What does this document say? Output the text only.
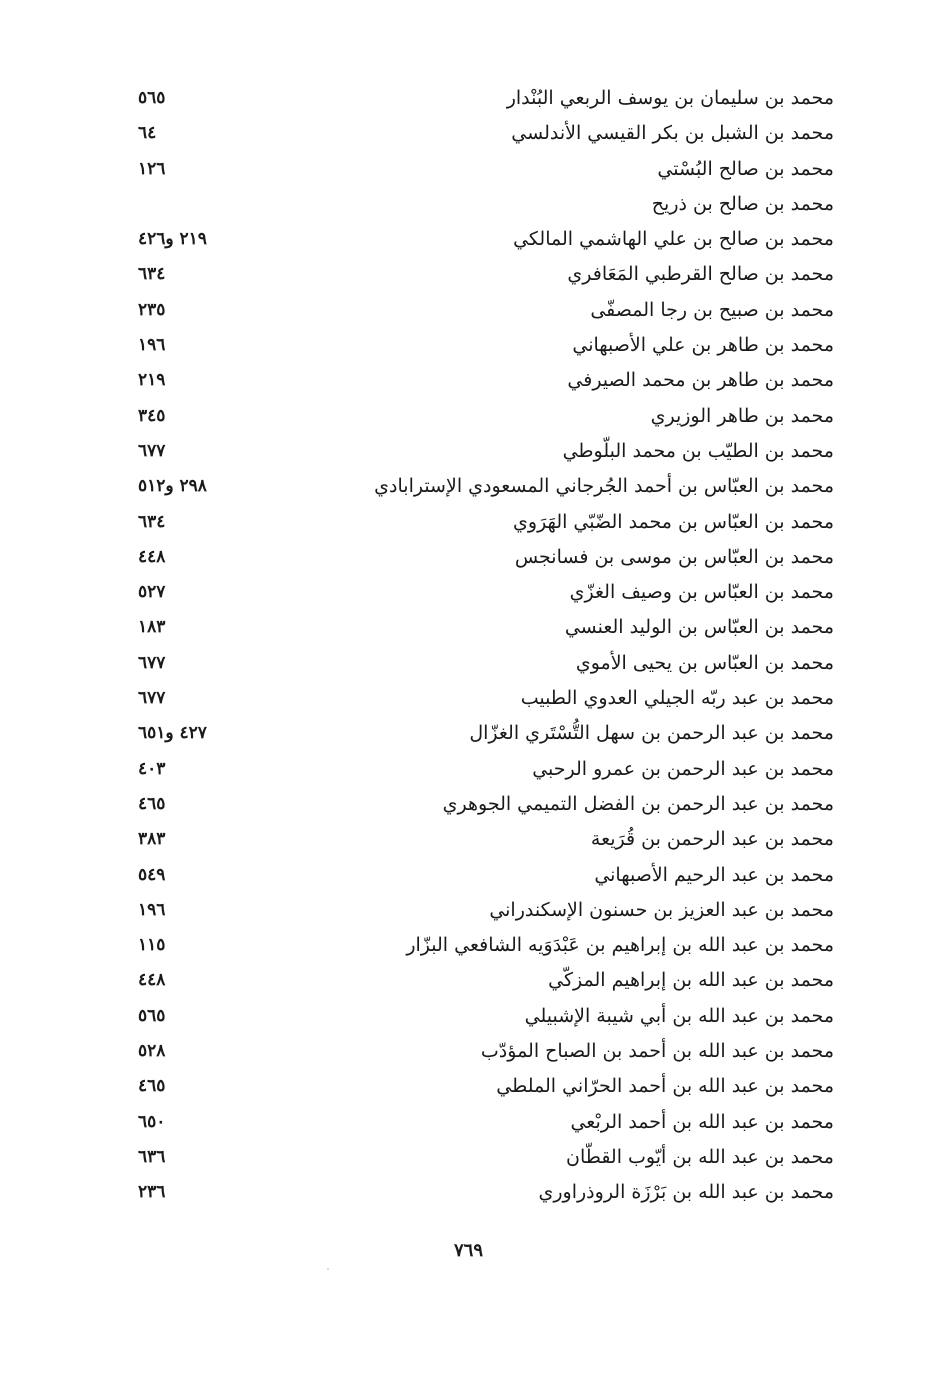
محمد بن سليمان بن يوسف الربعي البُنْدار
٥٦٥
محمد بن الشبل بن بكر القيسي الأندلسي
٦٤
محمد بن صالح البُسْتي
١٢٦
محمد بن صالح بن ذريح
محمد بن صالح بن علي الهاشمي المالكي
٢١٩ و٤٢٦
محمد بن صالح القرطبي المَعَافري
٦٣٤
محمد بن صبيح بن رجا المصفّى
٢٣٥
محمد بن طاهر بن علي الأصبهاني
١٩٦
محمد بن طاهر بن محمد الصيرفي
٢١٩
محمد بن طاهر الوزيري
٣٤٥
محمد بن الطيّب بن محمد البلّوطي
٦٧٧
محمد بن العبّاس بن أحمد الجُرجاني المسعودي الإسترابادي
٢٩٨ و٥١٢
محمد بن العبّاس بن محمد الضّبّي الهَرَوي
٦٣٤
محمد بن العبّاس بن موسى بن فسانجس
٤٤٨
محمد بن العبّاس بن وصيف الغزّي
٥٢٧
محمد بن العبّاس بن الوليد العنسي
١٨٣
محمد بن العبّاس بن يحيى الأموي
٦٧٧
محمد بن عبد ربّه الجيلي العدوي الطبيب
٦٧٧
محمد بن عبد الرحمن بن سهل التُّسْتَري الغزّال
٤٢٧ و٦٥١
محمد بن عبد الرحمن بن عمرو الرحبي
٤٠٣
محمد بن عبد الرحمن بن الفضل التميمي الجوهري
٤٦٥
محمد بن عبد الرحمن بن قُرَيعة
٣٨٣
محمد بن عبد الرحيم الأصبهاني
٥٤٩
محمد بن عبد العزيز بن حسنون الإسكندراني
١٩٦
محمد بن عبد الله بن إبراهيم بن عَبْدَوَيه الشافعي البزّار
١١٥
محمد بن عبد الله بن إبراهيم المزكّي
٤٤٨
محمد بن عبد الله بن أبي شيبة الإشبيلي
٥٦٥
محمد بن عبد الله بن أحمد بن الصباح المؤدّب
٥٢٨
محمد بن عبد الله بن أحمد الحرّاني الملطي
٤٦٥
محمد بن عبد الله بن أحمد الربْعي
٦٥٠
محمد بن عبد الله بن أيّوب القطّان
٦٣٦
محمد بن عبد الله بن بَرْزَة الروذراوري
٢٣٦
٧٦٩
